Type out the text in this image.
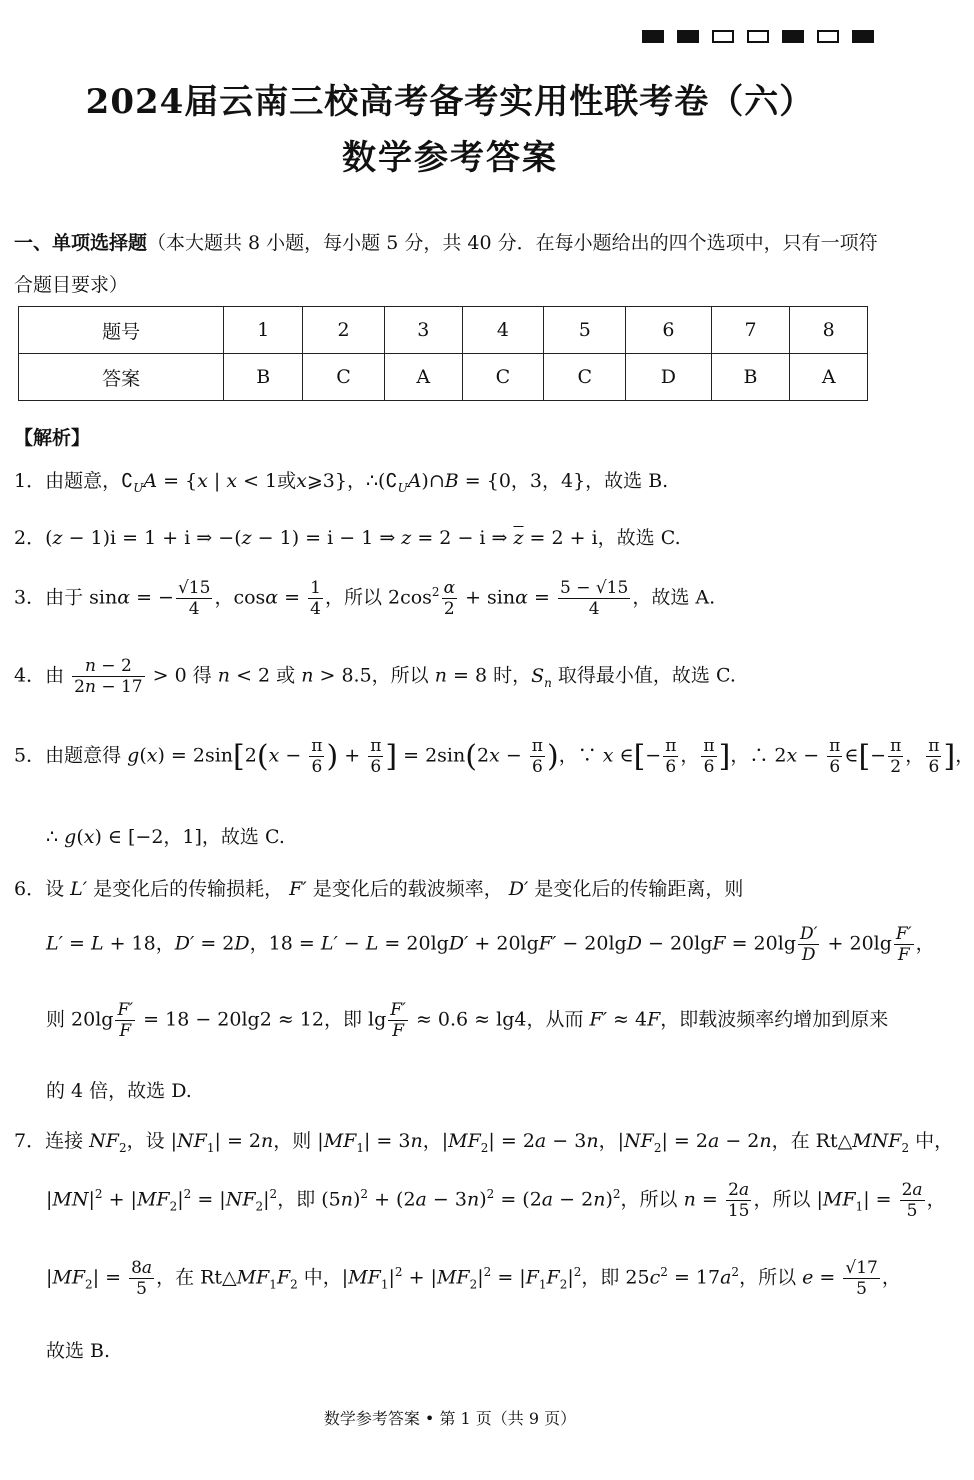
2024届云南三校高考备考实用性联考卷（六）
数学参考答案
一、单项选择题（本大题共 8 小题，每小题 5 分，共 40 分．在每小题给出的四个选项中，只有一项符合题目要求）
题号	1	2	3	4	5	6	7	8
答案	B	C	A	C	C	D	B	A
【解析】
1．由题意，$∁_UA = \{x$ | x < 1或x⩾3}，$\therefore(∁_UA)\cap B = \{0$，3，4}，故选 B.
2．(z − 1)i = 1 + i ⇒ −(z − 1) = i − 1 ⇒ z = 2 − i ⇒ $\overline{z} = 2 + i$，故选 C.
3．由于 sinα = − $\frac{√15}{4}$ ，$\cos\alpha = \frac{1}{4}$ ，所以 $2\cos^2 \frac{\alpha}{2} + \sin\alpha = \frac{5 - √15}{4}$ ，故选 A.
4．由 $\frac{n - 2}{2n - 17} > 0$ 得 n < 2 或 n > 8.5，所以 n = 8 时，$S_n$ 取得最小值，故选 C.
5．由题意得 $g(x) = 2\sin[2(x - \frac{\pi}{6}$ ) + $\frac{\pi}{6}$ ] = $2\sin(2x - \frac{\pi}{6}$ )，∵ x ∈[− $\frac{\pi}{6}$ ， $\frac{\pi}{6}$ ]，∴ $2x - \frac{\pi}{6}$ ∈[− $\frac{\pi}{2}$ ， $\frac{\pi}{6}$ ]，
∴ g(x) ∈ [−2，1]，故选 C.
6．设 L′ 是变化后的传输损耗， F′ 是变化后的载波频率， D′ 是变化后的传输距离，则
L′ = L + 18，D′ = 2D，$18 = L' - L = 20\lg D' + 20\lg F' - 20\lg D - 20\lg F = 20\lg \frac{D'}{D} + 20\lg \frac{F'}{F}$ ，
则 $20\lg \frac{F'}{F} = 18 - 20\lg 2 \approx 12$，即 $\lg \frac{F'}{F} \approx 0.6 \approx \lg 4$，从而 F′ ≈ 4F，即载波频率约增加到原来
的 4 倍，故选 D.
7．连接 $NF_2$，设 $|NF_1| = 2n$，则 $|MF_1| = 3n$，$|MF_2| = 2a - 3n$，$|NF_2| = 2a - 2n$，在 $Rt\triangle MNF_2$ 中，
$|MN|^2 + |MF_2|^2 = |NF_2|^2$，即 $(5n)^2 + (2a - 3n)^2 = (2a - 2n)^2$，所以 $n = \frac{2a}{15}$ ，所以 $|MF_1| = \frac{2a}{5}$ ，
$|MF_2| = \frac{8a}{5}$ ，在 $Rt\triangle MF_1F_2$ 中，$|MF_1|^2 + |MF_2|^2 = |F_1F_2|^2$，即 $25c^2 = 17a^2$，所以 $e = \frac{√17}{5}$ ，
故选 B.
数学参考答案 • 第 1 页（共 9 页）
